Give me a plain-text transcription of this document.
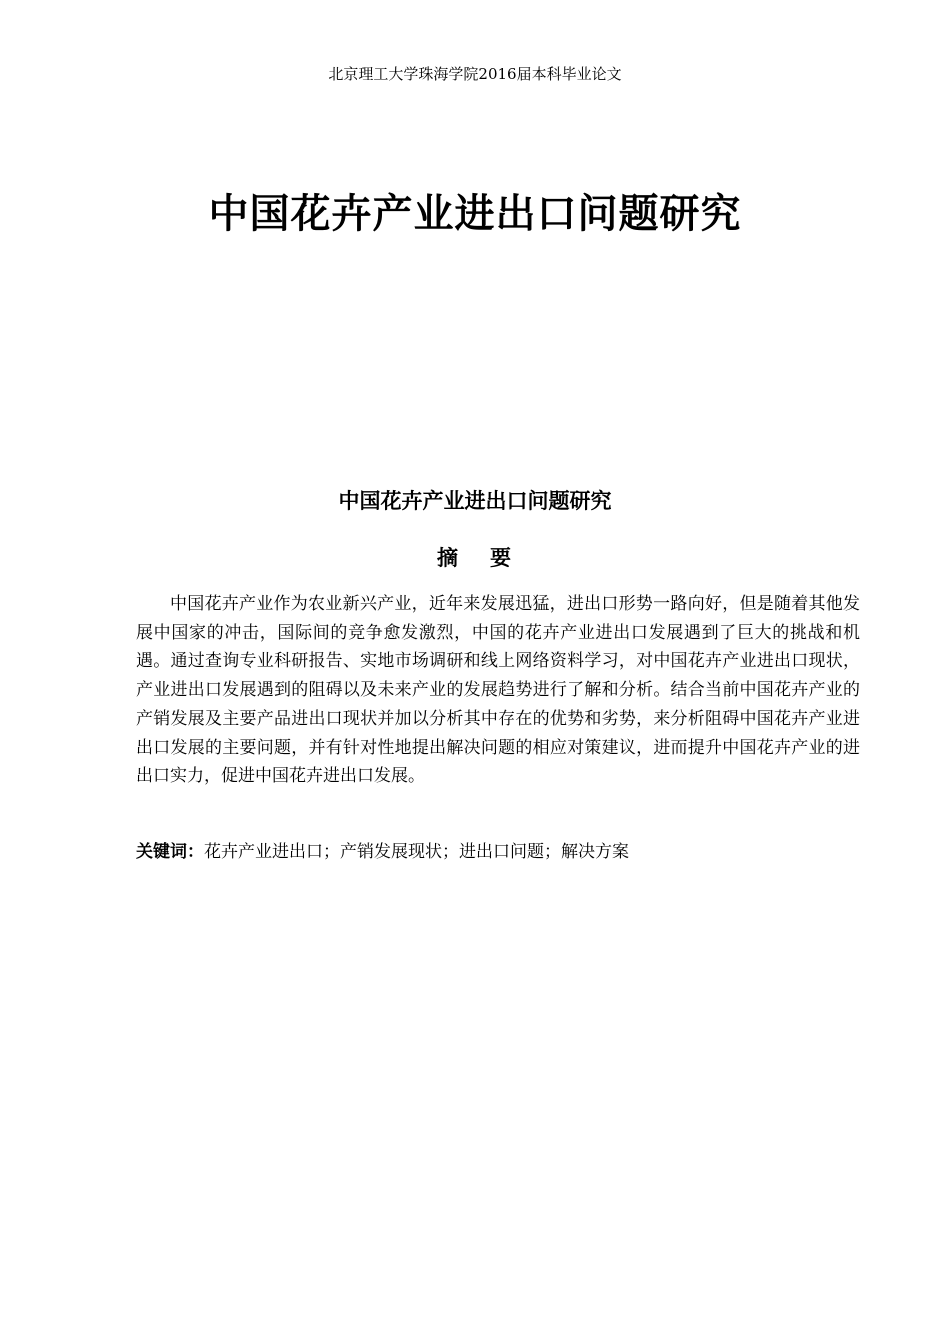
北京理工大学珠海学院2016届本科毕业论文
中国花卉产业进出口问题研究
中国花卉产业进出口问题研究
摘 要

中国花卉产业作为农业新兴产业，近年来发展迅猛，进出口形势一路向好，但是随着其他发展中国家的冲击，国际间的竞争愈发激烈，中国的花卉产业进出口发展遇到了巨大的挑战和机遇。通过查询专业科研报告、实地市场调研和线上网络资料学习，对中国花卉产业进出口现状，产业进出口发展遇到的阻碍以及未来产业的发展趋势进行了解和分析。结合当前中国花卉产业的产销发展及主要产品进出口现状并加以分析其中存在的优势和劣势，来分析阻碍中国花卉产业进出口发展的主要问题，并有针对性地提出解决问题的相应对策建议，进而提升中国花卉产业的进出口实力，促进中国花卉进出口发展。

关键词：花卉产业进出口；产销发展现状；进出口问题；解决方案
